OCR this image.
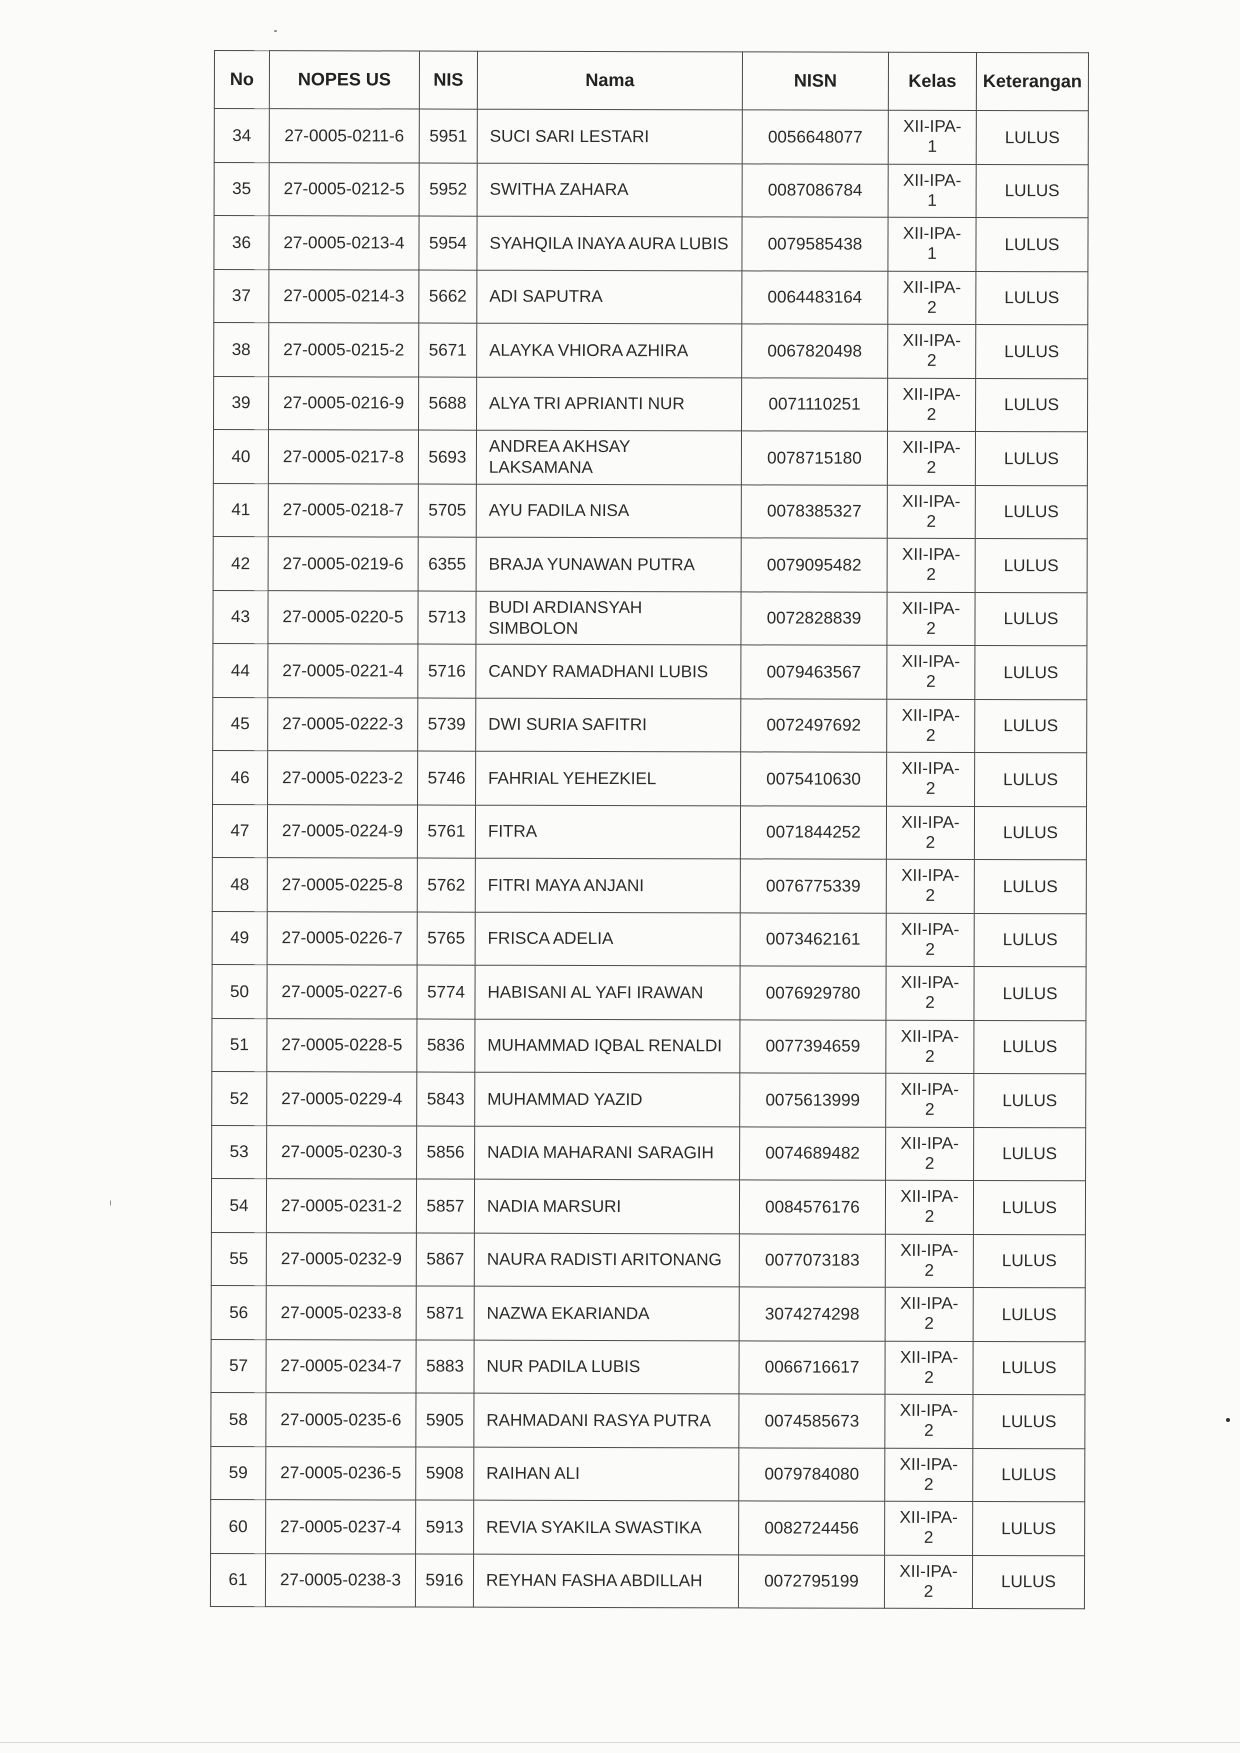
No	NOPES US	NIS	Nama	NISN	Kelas	Keterangan
34	27-0005-0211-6	5951	SUCI SARI LESTARI	0056648077	XII-IPA-1	LULUS
35	27-0005-0212-5	5952	SWITHA ZAHARA	0087086784	XII-IPA-1	LULUS
36	27-0005-0213-4	5954	SYAHQILA INAYA AURA LUBIS	0079585438	XII-IPA-1	LULUS
37	27-0005-0214-3	5662	ADI SAPUTRA	0064483164	XII-IPA-2	LULUS
38	27-0005-0215-2	5671	ALAYKA VHIORA AZHIRA	0067820498	XII-IPA-2	LULUS
39	27-0005-0216-9	5688	ALYA TRI APRIANTI NUR	0071110251	XII-IPA-2	LULUS
40	27-0005-0217-8	5693	ANDREA AKHSAY LAKSAMANA	0078715180	XII-IPA-2	LULUS
41	27-0005-0218-7	5705	AYU FADILA NISA	0078385327	XII-IPA-2	LULUS
42	27-0005-0219-6	6355	BRAJA YUNAWAN PUTRA	0079095482	XII-IPA-2	LULUS
43	27-0005-0220-5	5713	BUDI ARDIANSYAH SIMBOLON	0072828839	XII-IPA-2	LULUS
44	27-0005-0221-4	5716	CANDY RAMADHANI LUBIS	0079463567	XII-IPA-2	LULUS
45	27-0005-0222-3	5739	DWI SURIA SAFITRI	0072497692	XII-IPA-2	LULUS
46	27-0005-0223-2	5746	FAHRIAL YEHEZKIEL	0075410630	XII-IPA-2	LULUS
47	27-0005-0224-9	5761	FITRA	0071844252	XII-IPA-2	LULUS
48	27-0005-0225-8	5762	FITRI MAYA ANJANI	0076775339	XII-IPA-2	LULUS
49	27-0005-0226-7	5765	FRISCA ADELIA	0073462161	XII-IPA-2	LULUS
50	27-0005-0227-6	5774	HABISANI AL YAFI IRAWAN	0076929780	XII-IPA-2	LULUS
51	27-0005-0228-5	5836	MUHAMMAD IQBAL RENALDI	0077394659	XII-IPA-2	LULUS
52	27-0005-0229-4	5843	MUHAMMAD YAZID	0075613999	XII-IPA-2	LULUS
53	27-0005-0230-3	5856	NADIA MAHARANI SARAGIH	0074689482	XII-IPA-2	LULUS
54	27-0005-0231-2	5857	NADIA MARSURI	0084576176	XII-IPA-2	LULUS
55	27-0005-0232-9	5867	NAURA RADISTI ARITONANG	0077073183	XII-IPA-2	LULUS
56	27-0005-0233-8	5871	NAZWA EKARIANDA	3074274298	XII-IPA-2	LULUS
57	27-0005-0234-7	5883	NUR PADILA LUBIS	0066716617	XII-IPA-2	LULUS
58	27-0005-0235-6	5905	RAHMADANI RASYA PUTRA	0074585673	XII-IPA-2	LULUS
59	27-0005-0236-5	5908	RAIHAN ALI	0079784080	XII-IPA-2	LULUS
60	27-0005-0237-4	5913	REVIA SYAKILA SWASTIKA	0082724456	XII-IPA-2	LULUS
61	27-0005-0238-3	5916	REYHAN FASHA ABDILLAH	0072795199	XII-IPA-2	LULUS
